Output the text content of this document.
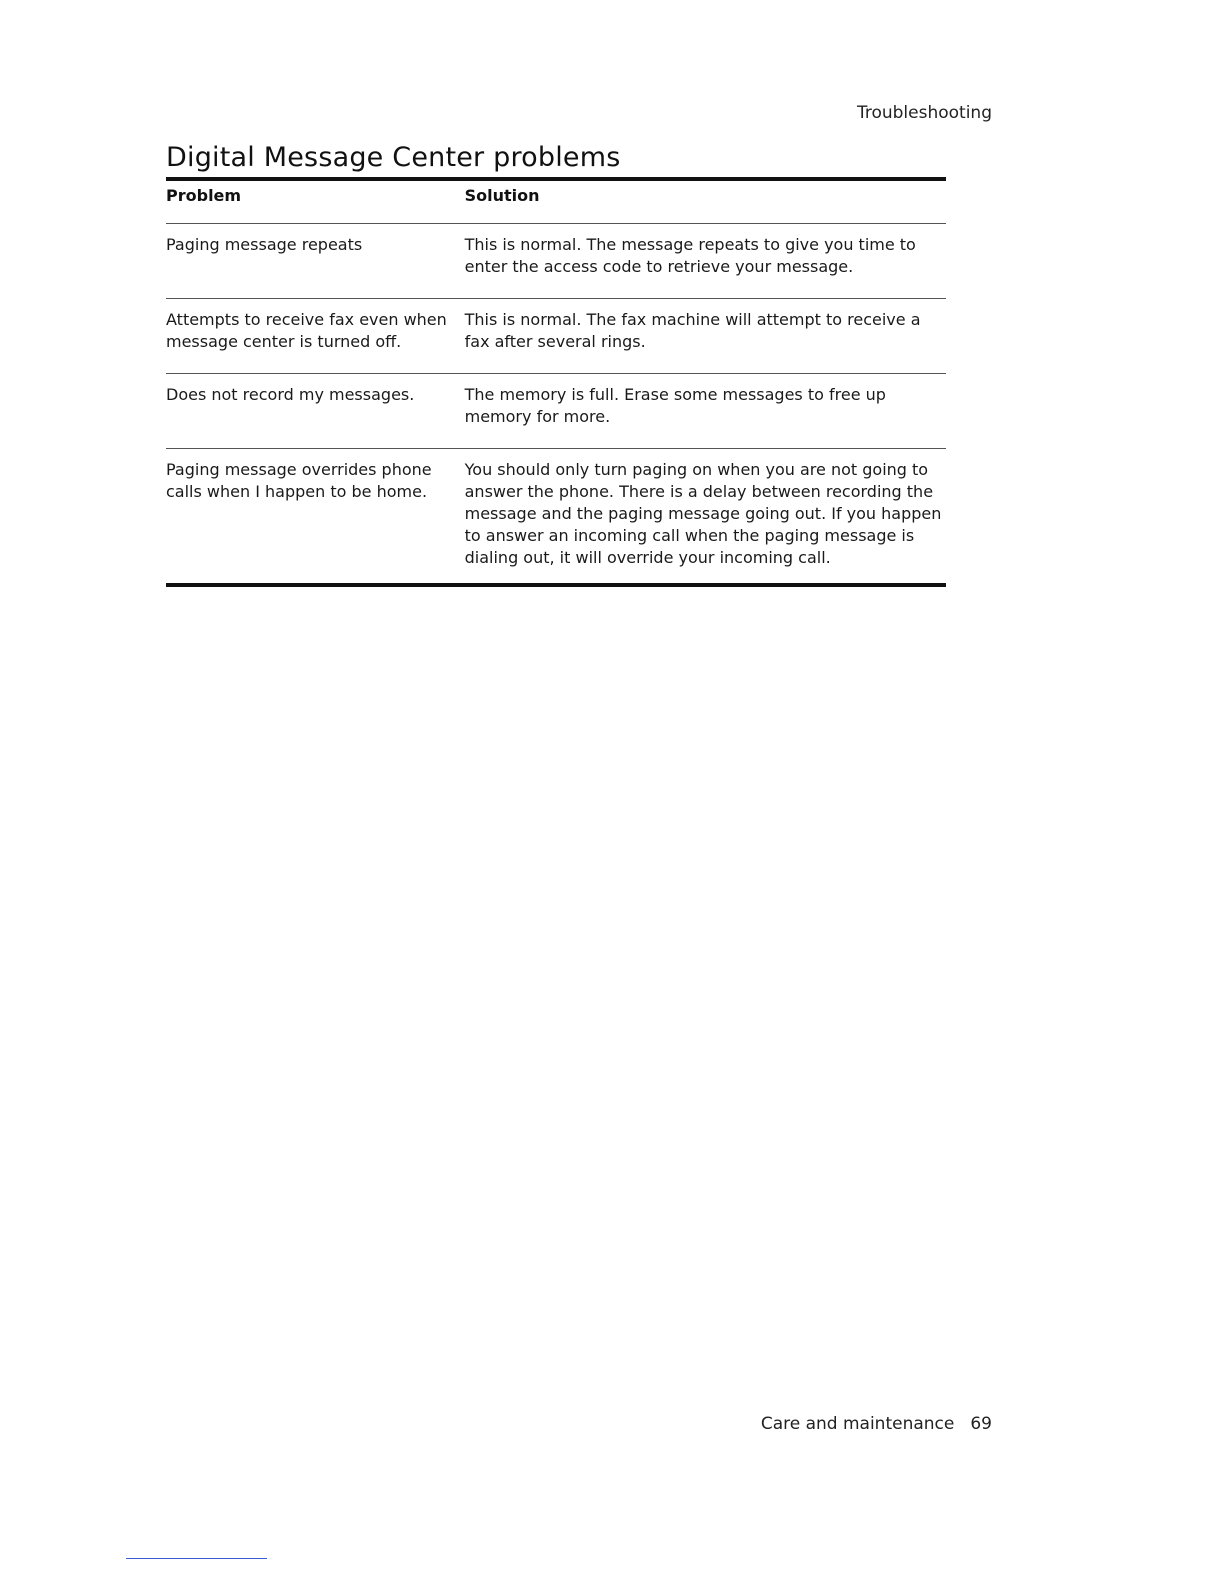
Troubleshooting
Digital Message Center problems
Problem	Solution
Paging message repeats	This is normal. The message repeats to give you time to enter the access code to retrieve your message.
Attempts to receive fax even when message center is turned off.	This is normal. The fax machine will attempt to receive a fax after several rings.
Does not record my messages.	The memory is full. Erase some messages to free up memory for more.
Paging message overrides phone calls when I happen to be home.	You should only turn paging on when you are not going to answer the phone. There is a delay between recording the message and the paging message going out. If you happen to answer an incoming call when the paging message is dialing out, it will override your incoming call.
Care and maintenance 69
